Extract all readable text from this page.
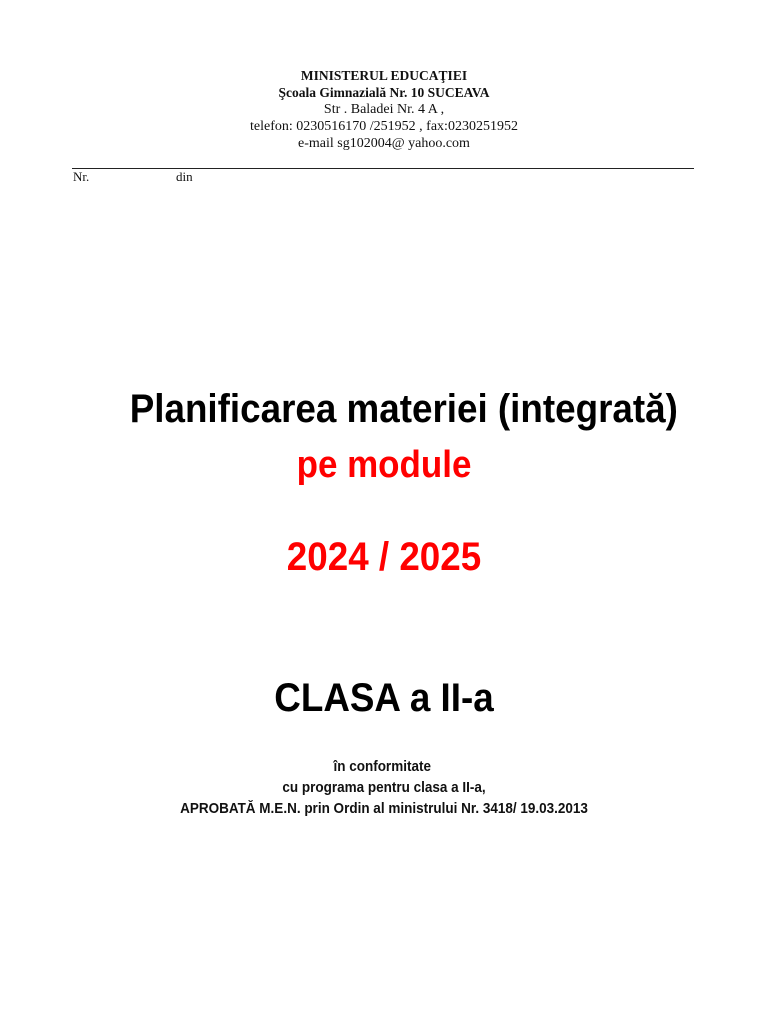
MINISTERUL EDUCAŢIEI
Şcoala Gimnazială Nr. 10 SUCEAVA
Str . Baladei Nr. 4 A ,
telefon: 0230516170 /251952 , fax:0230251952
e-mail sg102004@ yahoo.com
Nr.	din
Planificarea materiei (integrată)
pe module
2024 / 2025
CLASA a II-a
în conformitate
cu programa pentru clasa a II-a,
APROBATĂ M.E.N. prin Ordin al ministrului Nr. 3418/ 19.03.2013
